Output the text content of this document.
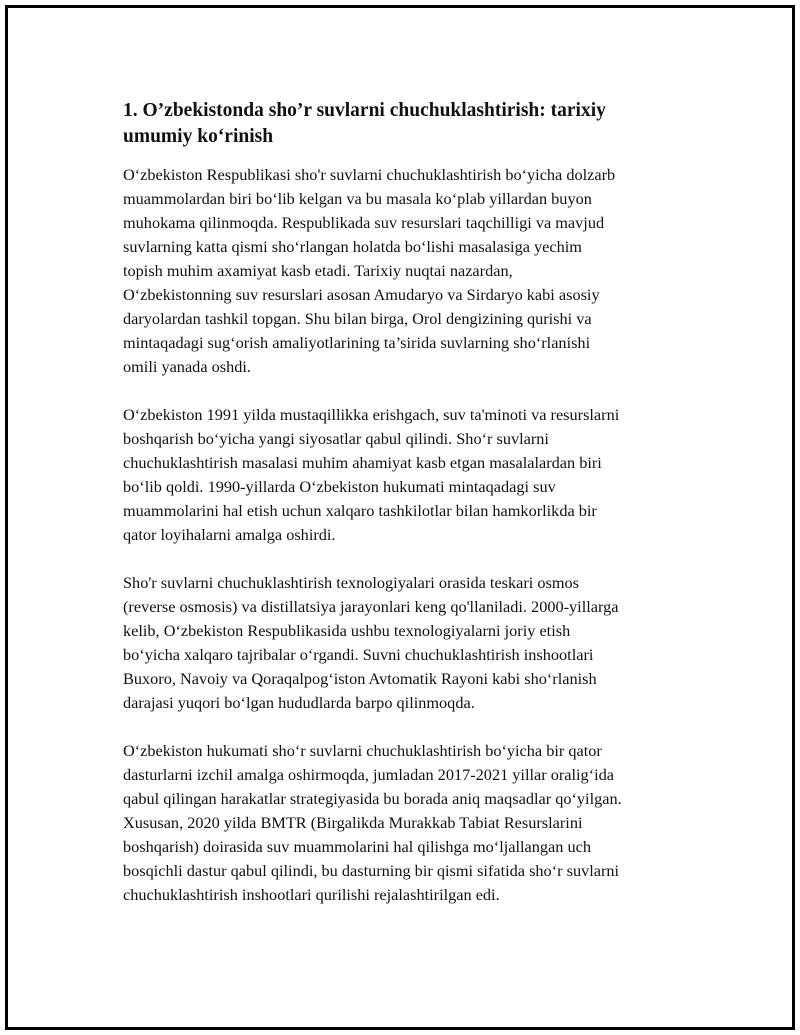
1. O’zbekistonda sho’r suvlarni chuchuklashtirish: tarixiy
umumiy ko‘rinish

O‘zbekiston Respublikasi sho'r suvlarni chuchuklashtirish bo‘yicha dolzarb
muammolardan biri bo‘lib kelgan va bu masala ko‘plab yillardan buyon
muhokama qilinmoqda. Respublikada suv resurslari taqchilligi va mavjud
suvlarning katta qismi sho‘rlangan holatda bo‘lishi masalasiga yechim
topish muhim axamiyat kasb etadi. Tarixiy nuqtai nazardan,
O‘zbekistonning suv resurslari asosan Amudaryo va Sirdaryo kabi asosiy
daryolardan tashkil topgan. Shu bilan birga, Orol dengizining qurishi va
mintaqadagi sug‘orish amaliyotlarining ta’sirida suvlarning sho‘rlanishi
omili yanada oshdi.

O‘zbekiston 1991 yilda mustaqillikka erishgach, suv ta'minoti va resurslarni
boshqarish bo‘yicha yangi siyosatlar qabul qilindi. Sho‘r suvlarni
chuchuklashtirish masalasi muhim ahamiyat kasb etgan masalalardan biri
bo‘lib qoldi. 1990-yillarda O‘zbekiston hukumati mintaqadagi suv
muammolarini hal etish uchun xalqaro tashkilotlar bilan hamkorlikda bir
qator loyihalarni amalga oshirdi.

Sho'r suvlarni chuchuklashtirish texnologiyalari orasida teskari osmos
(reverse osmosis) va distillatsiya jarayonlari keng qo'llaniladi. 2000-yillarga
kelib, O‘zbekiston Respublikasida ushbu texnologiyalarni joriy etish
bo‘yicha xalqaro tajribalar o‘rgandi. Suvni chuchuklashtirish inshootlari
Buxoro, Navoiy va Qoraqalpog‘iston Avtomatik Rayoni kabi sho‘rlanish
darajasi yuqori bo‘lgan hududlarda barpo qilinmoqda.

O‘zbekiston hukumati sho‘r suvlarni chuchuklashtirish bo‘yicha bir qator
dasturlarni izchil amalga oshirmoqda, jumladan 2017-2021 yillar oralig‘ida
qabul qilingan harakatlar strategiyasida bu borada aniq maqsadlar qo‘yilgan.
Xususan, 2020 yilda BMTR (Birgalikda Murakkab Tabiat Resurslarini
boshqarish) doirasida suv muammolarini hal qilishga mo‘ljallangan uch
bosqichli dastur qabul qilindi, bu dasturning bir qismi sifatida sho‘r suvlarni
chuchuklashtirish inshootlari qurilishi rejalashtirilgan edi.
